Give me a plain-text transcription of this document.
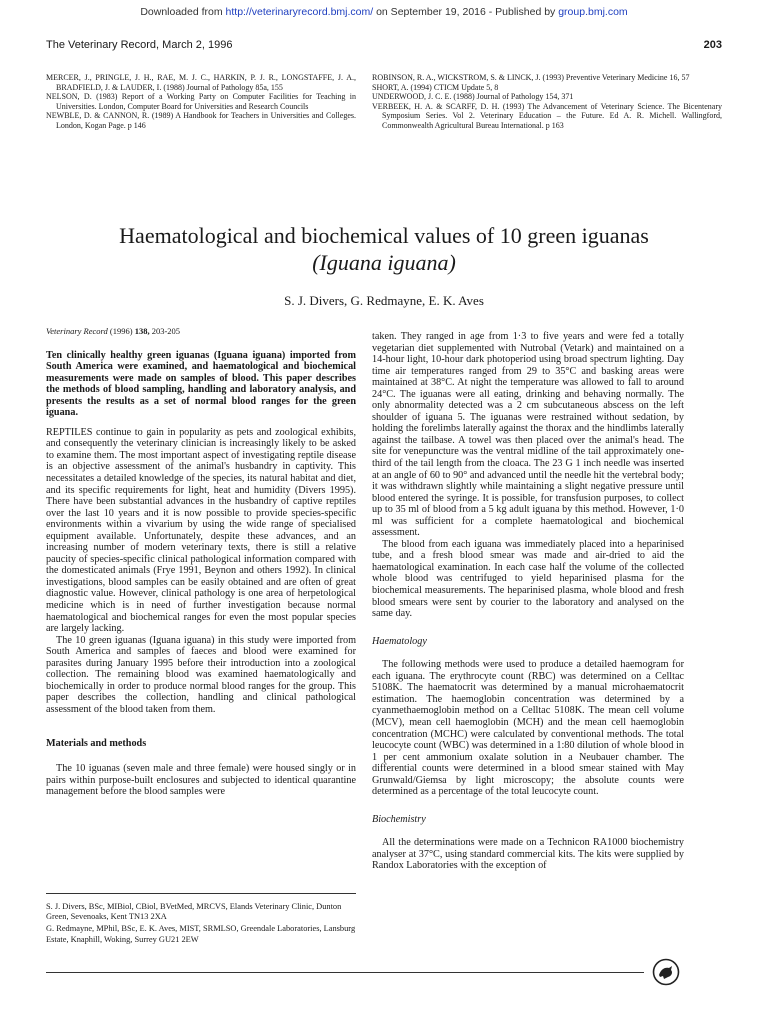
Downloaded from http://veterinaryrecord.bmj.com/ on September 19, 2016 - Published by group.bmj.com
The Veterinary Record, March 2, 1996	203

MERCER, J., PRINGLE, J. H., RAE, M. J. C., HARKIN, P. J. R., LONGSTAFFE, J. A., BRADFIELD, J. & LAUDER, I. (1988) Journal of Pathology 85a, 155

NELSON, D. (1983) Report of a Working Party on Computer Facilities for Teaching in Universities. London, Computer Board for Universities and Research Councils

NEWBLE, D. & CANNON, R. (1989) A Handbook for Teachers in Universities and Colleges. London, Kogan Page. p 146

ROBINSON, R. A., WICKSTROM, S. & LINCK, J. (1993) Preventive Veterinary Medicine 16, 57

SHORT, A. (1994) CTICM Update 5, 8

UNDERWOOD, J. C. E. (1988) Journal of Pathology 154, 371

VERBEEK, H. A. & SCARFF, D. H. (1993) The Advancement of Veterinary Science. The Bicentenary Symposium Series. Vol 2. Veterinary Education – the Future. Ed A. R. Michell. Wallingford, Commonwealth Agricultural Bureau International. p 163

Haematological and biochemical values of 10 green iguanas
(Iguana iguana)
S. J. Divers, G. Redmayne, E. K. Aves

Veterinary Record (1996) 138, 203-205

Ten clinically healthy green iguanas (Iguana iguana) imported from South America were examined, and haematological and biochemical measurements were made on samples of blood. This paper describes the methods of blood sampling, handling and laboratory analysis, and presents the results as a set of normal blood ranges for the green iguana.

REPTILES continue to gain in popularity as pets and zoological exhibits, and consequently the veterinary clinician is increasingly likely to be asked to examine them. The most important aspect of investigating reptile disease is an objective assessment of the animal's husbandry in captivity. This necessitates a detailed knowledge of the species, its natural habitat and diet, and its specific requirements for light, heat and humidity (Divers 1995). There have been substantial advances in the husbandry of captive reptiles over the last 10 years and it is now possible to provide species-specific environments within a vivarium by using the wide range of specialised equipment available. Unfortunately, despite these advances, and an increasing number of modern veterinary texts, there is still a relative paucity of species-specific clinical pathological information compared with the domesticated animals (Frye 1991, Beynon and others 1992). In clinical investigations, blood samples can be easily obtained and are often of great diagnostic value. However, clinical pathology is one area of herpetological medicine which is in need of further investigation because normal haematological and biochemical ranges for even the most popular species are largely lacking.

The 10 green iguanas (Iguana iguana) in this study were imported from South America and samples of faeces and blood were examined for parasites during January 1995 before their introduction into a zoological collection. The remaining blood was examined haematologically and biochemically in order to produce normal blood ranges for the group. This paper describes the collection, handling and clinical pathological assessment of the blood taken from them.

Materials and methods

The 10 iguanas (seven male and three female) were housed singly or in pairs within purpose-built enclosures and subjected to identical quarantine management before the blood samples were

S. J. Divers, BSc, MIBiol, CBiol, BVetMed, MRCVS, Elands Veterinary Clinic, Dunton Green, Sevenoaks, Kent TN13 2XA

G. Redmayne, MPhil, BSc, E. K. Aves, MIST, SRMLSO, Greendale Laboratories, Lansburg Estate, Knaphill, Woking, Surrey GU21 2EW

taken. They ranged in age from 1·3 to five years and were fed a totally vegetarian diet supplemented with Nutrobal (Vetark) and maintained on a 14-hour light, 10-hour dark photoperiod using broad spectrum lighting. Day time air temperatures ranged from 29 to 35°C and basking areas were maintained at 38°C. At night the temperature was allowed to fall to around 24°C. The iguanas were all eating, drinking and behaving normally. The only abnormality detected was a 2 cm subcutaneous abscess on the left shoulder of iguana 5. The iguanas were restrained without sedation, by holding the forelimbs laterally against the thorax and the hindlimbs laterally against the tailbase. A towel was then placed over the animal's head. The site for venepuncture was the ventral midline of the tail approximately one-third of the tail length from the cloaca. The 23 G 1 inch needle was inserted at an angle of 60 to 90° and advanced until the needle hit the vertebral body; it was withdrawn slightly while maintaining a slight negative pressure until blood entered the syringe. It is possible, for transfusion purposes, to collect up to 35 ml of blood from a 5 kg adult iguana by this method. However, 1·0 ml was sufficient for a complete haematological and biochemical assessment.

The blood from each iguana was immediately placed into a heparinised tube, and a fresh blood smear was made and air-dried to aid the haematological examination. In each case half the volume of the collected whole blood was centrifuged to yield heparinised plasma for the biochemical measurements. The heparinised plasma, whole blood and fresh blood smears were sent by courier to the laboratory and analysed on the same day.

Haematology

The following methods were used to produce a detailed haemogram for each iguana. The erythrocyte count (RBC) was determined on a Celltac 5108K. The haematocrit was determined by a manual microhaematocrit estimation. The haemoglobin concentration was determined by a cyanmethaemoglobin method on a Celltac 5108K. The mean cell volume (MCV), mean cell haemoglobin (MCH) and the mean cell haemoglobin concentration (MCHC) were calculated by conventional methods. The total leucocyte count (WBC) was determined in a 1:80 dilution of whole blood in 1 per cent ammonium oxalate solution in a Neubauer chamber. The differential counts were determined in a blood smear stained with May Grunwald/Giemsa by light microscopy; the absolute counts were determined as a percentage of the total leucocyte count.

Biochemistry

All the determinations were made on a Technicon RA1000 biochemistry analyser at 37°C, using standard commercial kits. The kits were supplied by Randox Laboratories with the exception of
